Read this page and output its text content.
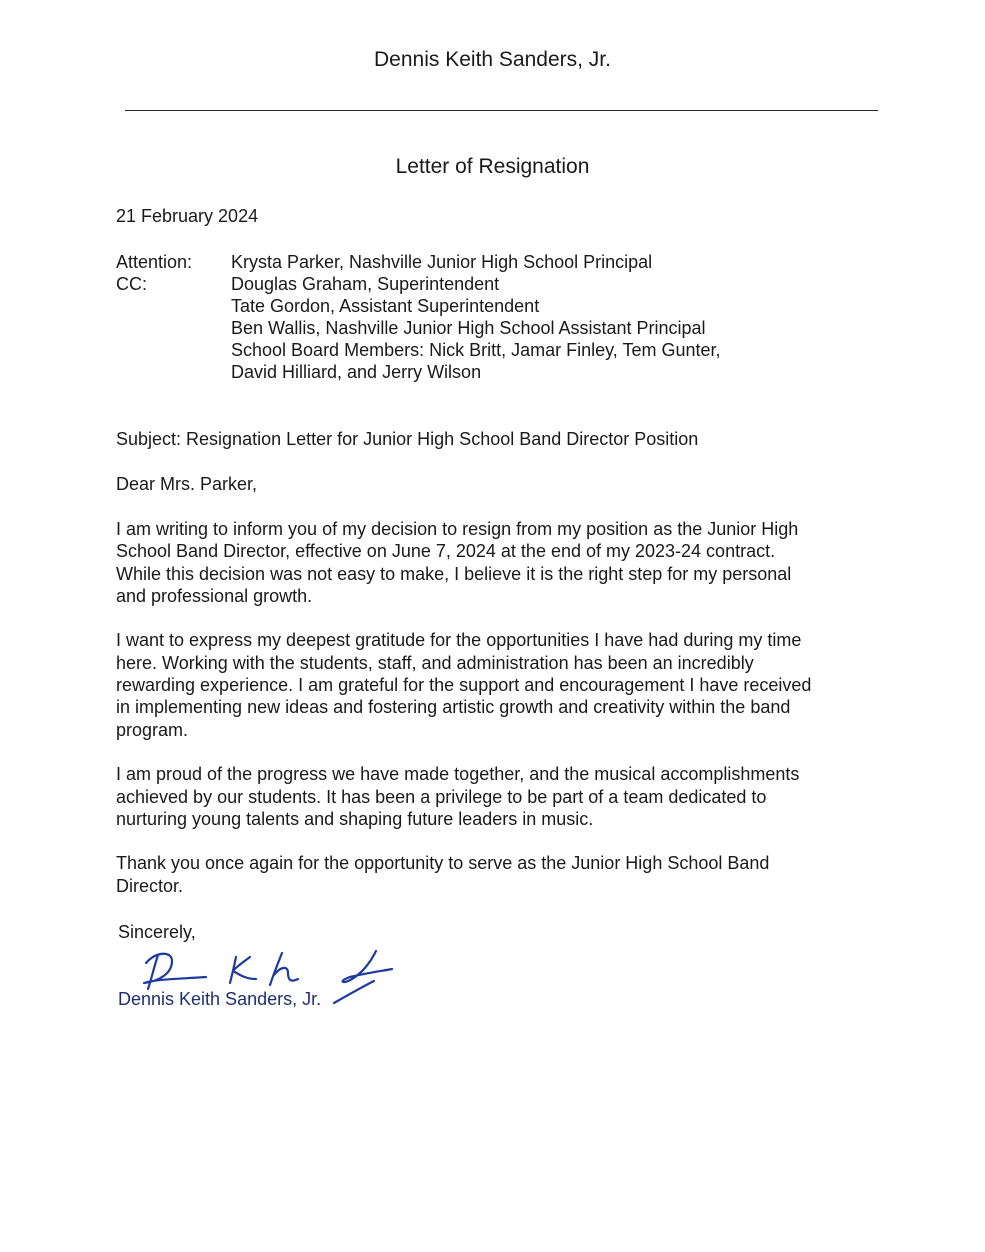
Dennis Keith Sanders, Jr.
Letter of Resignation
21 February 2024
Attention:	Krysta Parker, Nashville Junior High School Principal
CC:	Douglas Graham, Superintendent
Tate Gordon, Assistant Superintendent
Ben Wallis, Nashville Junior High School Assistant Principal
School Board Members: Nick Britt, Jamar Finley, Tem Gunter,
David Hilliard, and Jerry Wilson
Subject: Resignation Letter for Junior High School Band Director Position
Dear Mrs. Parker,
I am writing to inform you of my decision to resign from my position as the Junior High
School Band Director, effective on June 7, 2024 at the end of my 2023-24 contract.
While this decision was not easy to make, I believe it is the right step for my personal
and professional growth.
I want to express my deepest gratitude for the opportunities I have had during my time
here. Working with the students, staff, and administration has been an incredibly
rewarding experience. I am grateful for the support and encouragement I have received
in implementing new ideas and fostering artistic growth and creativity within the band
program.
I am proud of the progress we have made together, and the musical accomplishments
achieved by our students. It has been a privilege to be part of a team dedicated to
nurturing young talents and shaping future leaders in music.
Thank you once again for the opportunity to serve as the Junior High School Band
Director.
Sincerely,
Dennis Keith Sanders, Jr.
